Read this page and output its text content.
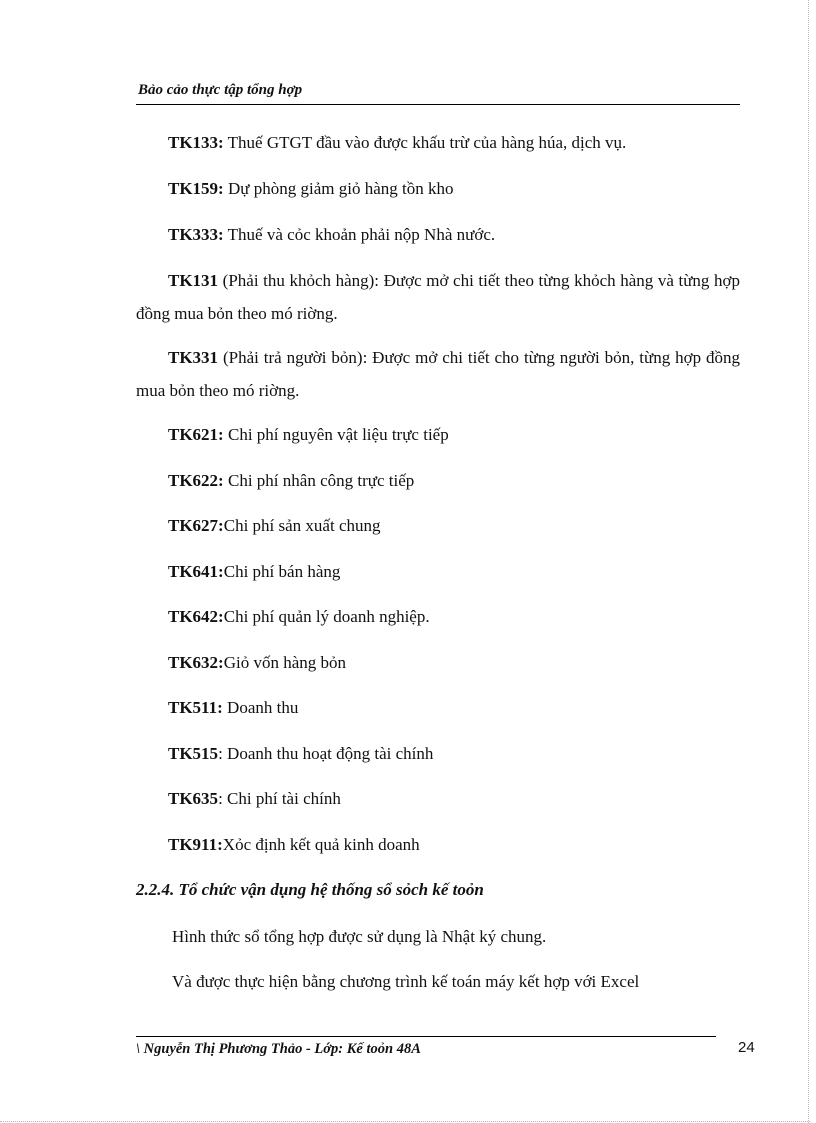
Bảo cảo thực tập tổng hợp
TK133: Thuế GTGT đầu vào được khấu trừ của hàng húa, dịch vụ.
TK159: Dự phòng giảm giỏ hàng tồn kho
TK333: Thuế và cỏc khoản phải nộp Nhà nước.
TK131 (Phải thu khỏch hàng): Được mở chi tiết theo từng khỏch hàng và từng hợp đồng mua bỏn theo mó riờng.
TK331 (Phải trả người bỏn): Được mở chi tiết cho từng người bỏn, từng hợp đồng mua bỏn theo mó riờng.
TK621: Chi phí nguyên vật liệu trực tiếp
TK622: Chi phí nhân công trực tiếp
TK627:Chi phí sản xuất chung
TK641:Chi phí bán hàng
TK642:Chi phí quản lý doanh nghiệp.
TK632:Giỏ vốn hàng bỏn
TK511: Doanh thu
TK515: Doanh thu hoạt động tài chính
TK635: Chi phí tài chính
TK911:Xỏc định kết quả kinh doanh
2.2.4. Tổ chức vận dụng hệ thống sổ sỏch kế toỏn
Hình thức sổ tổng hợp được sử dụng là Nhật ký chung.
Và được thực hiện bằng chương trình kế toán máy kết hợp với Excel
\ Nguyễn Thị Phương Thảo - Lớp: Kế toỏn 48A	24
